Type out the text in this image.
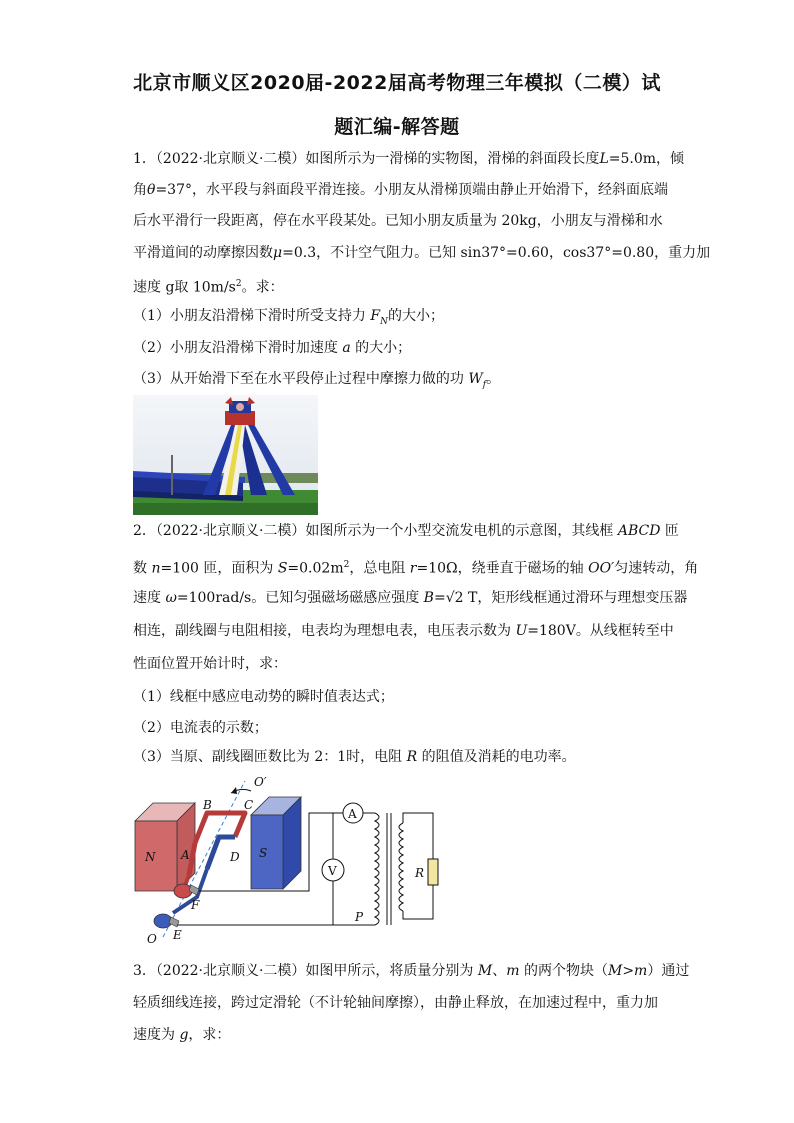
北京市顺义区2020届-2022届高考物理三年模拟（二模）试
题汇编-解答题
1．（2022·北京顺义·二模）如图所示为一滑梯的实物图，滑梯的斜面段长度L=5.0m，倾
角θ=37°，水平段与斜面段平滑连接。小朋友从滑梯顶端由静止开始滑下，经斜面底端
后水平滑行一段距离，停在水平段某处。已知小朋友质量为 20kg，小朋友与滑梯和水
平滑道间的动摩擦因数μ=0.3，不计空气阻力。已知 sin37°=0.60，cos37°=0.80，重力加
速度 g取 $10m/s^2$。求：
（1）小朋友沿滑梯下滑时所受支持力 $F_N$的大小；
（2）小朋友沿滑梯下滑时加速度 a 的大小；
（3）从开始滑下至在水平段停止过程中摩擦力做的功 $W_f$。
2．（2022·北京顺义·二模）如图所示为一个小型交流发电机的示意图，其线框 ABCD 匝
数 n=100 匝，面积为 $S=0.02m^2$，总电阻 r=10Ω，绕垂直于磁场的轴 OO′匀速转动，角
速度 ω=100rad/s。已知匀强磁场磁感应强度 B=√2 T，矩形线框通过滑环与理想变压器
相连，副线圈与电阻相接，电表均为理想电表，电压表示数为 U=180V。从线框转至中
性面位置开始计时，求：
（1）线框中感应电动势的瞬时值表达式；
（2）电流表的示数；
（3）当原、副线圈匝数比为 2：1时，电阻 R 的阻值及消耗的电功率。
N	S
O′
B	C
A	D
F
E
O
V
A
R
P
3．（2022·北京顺义·二模）如图甲所示，将质量分别为 M、m 的两个物块（M>m）通过
轻质细线连接，跨过定滑轮（不计轮轴间摩擦），由静止释放，在加速过程中，重力加
速度为 g，求：
